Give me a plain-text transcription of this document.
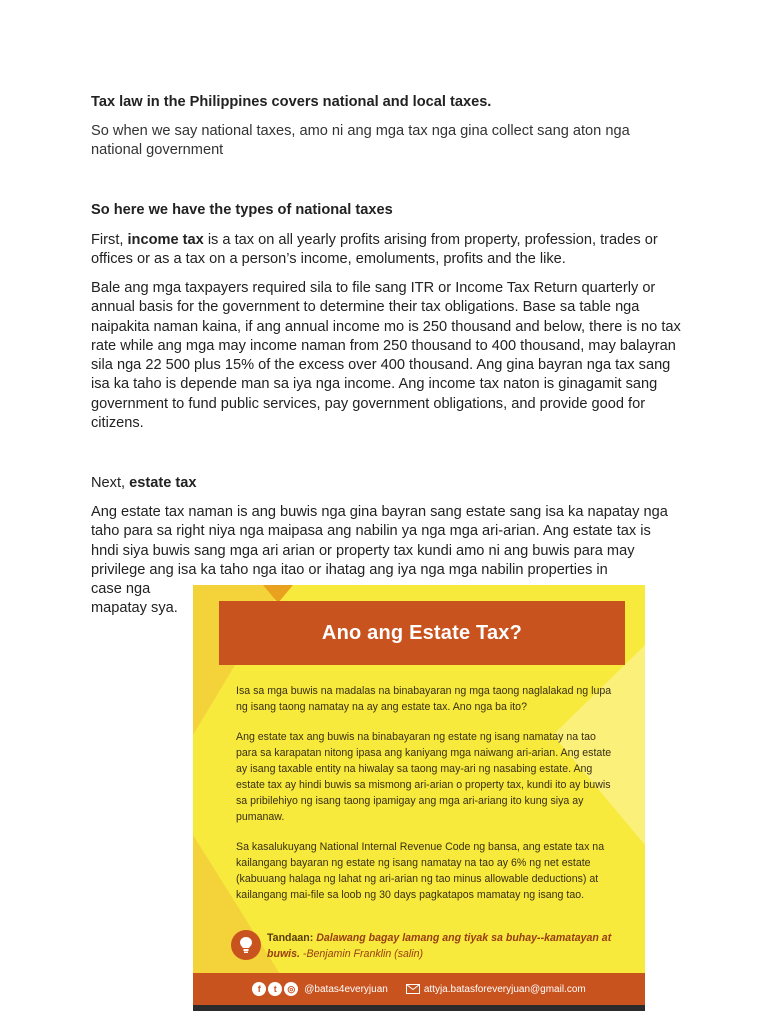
Tax law in the Philippines covers national and local taxes.

So when we say national taxes, amo ni ang mga tax nga gina collect sang aton nga national government

So here we have the types of national taxes

First, income tax is a tax on all yearly profits arising from property, profession, trades or offices or as a tax on a person’s income, emoluments, profits and the like.

Bale ang mga taxpayers required sila to file sang ITR or Income Tax Return quarterly or annual basis for the government to determine their tax obligations. Base sa table nga naipakita naman kaina, if ang annual income mo is 250 thousand and below, there is no tax rate while ang mga may income naman from 250 thousand to 400 thousand, may balayran sila nga 22 500 plus 15% of the excess over 400 thousand. Ang gina bayran nga tax sang isa ka taho is depende man sa iya nga income. Ang income tax naton is ginagamit sang government to fund public services, pay government obligations, and provide good for citizens.

Next, estate tax

Ang estate tax naman is ang buwis nga gina bayran sang estate sang isa ka napatay nga taho para sa right niya nga maipasa ang nabilin ya nga mga ari-arian. Ang estate tax is hndi siya buwis sang mga ari arian or property tax kundi amo ni ang buwis para may privilege ang isa ka taho nga itao or ihatag ang iya nga mga nabilin properties in

case nga

mapatay sya.

Ano ang Estate Tax?

Isa sa mga buwis na madalas na binabayaran ng mga taong naglalakad ng lupa ng isang taong namatay na ay ang estate tax. Ano nga ba ito?

Ang estate tax ang buwis na binabayaran ng estate ng isang namatay na tao para sa karapatan nitong ipasa ang kaniyang mga naiwang ari-arian. Ang estate ay isang taxable entity na hiwalay sa taong may-ari ng nasabing estate. Ang estate tax ay hindi buwis sa mismong ari-arian o property tax, kundi ito ay buwis sa pribilehiyo ng isang taong ipamigay ang mga ari-ariang ito kung siya ay pumanaw.

Sa kasalukuyang National Internal Revenue Code ng bansa, ang estate tax na kailangang bayaran ng estate ng isang namatay na tao ay 6% ng net estate (kabuuang halaga ng lahat ng ari-arian ng tao minus allowable deductions) at kailangang mai-file sa loob ng 30 days pagkatapos mamatay ng isang tao.

Tandaan: Dalawang bagay lamang ang tiyak sa buhay--kamatayan at buwis. -Benjamin Franklin (salin)
f	t	◎ @batas4everyjuan	attyja.batasforeveryjuan@gmail.com
